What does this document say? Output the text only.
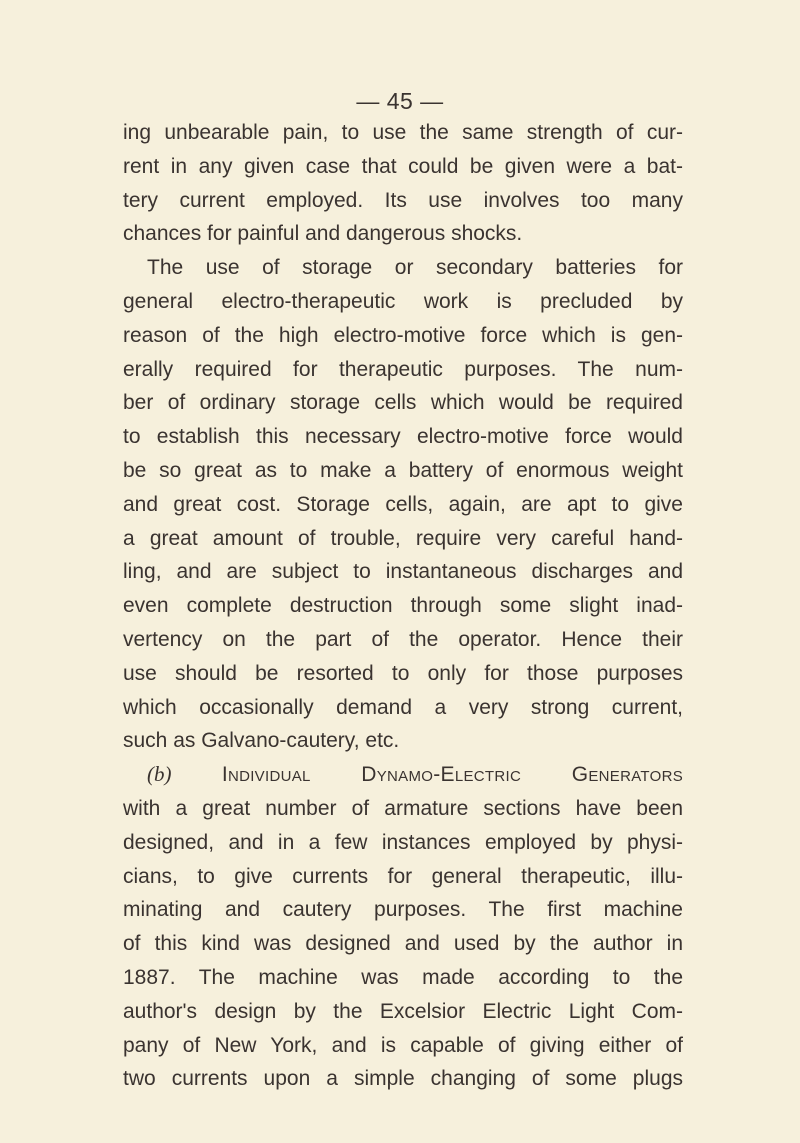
— 45 —
ing unbearable pain, to use the same strength of cur-
rent in any given case that could be given were a bat-
tery current employed. Its use involves too many
chances for painful and dangerous shocks.
The use of storage or secondary batteries for
general electro-therapeutic work is precluded by
reason of the high electro-motive force which is gen-
erally required for therapeutic purposes. The num-
ber of ordinary storage cells which would be required
to establish this necessary electro-motive force would
be so great as to make a battery of enormous weight
and great cost. Storage cells, again, are apt to give
a great amount of trouble, require very careful hand-
ling, and are subject to instantaneous discharges and
even complete destruction through some slight inad-
vertency on the part of the operator. Hence their
use should be resorted to only for those purposes
which occasionally demand a very strong current,
such as Galvano-cautery, etc.
(b) Individual Dynamo-Electric Generators
with a great number of armature sections have been
designed, and in a few instances employed by physi-
cians, to give currents for general therapeutic, illu-
minating and cautery purposes. The first machine
of this kind was designed and used by the author in
1887. The machine was made according to the
author's design by the Excelsior Electric Light Com-
pany of New York, and is capable of giving either of
two currents upon a simple changing of some plugs
